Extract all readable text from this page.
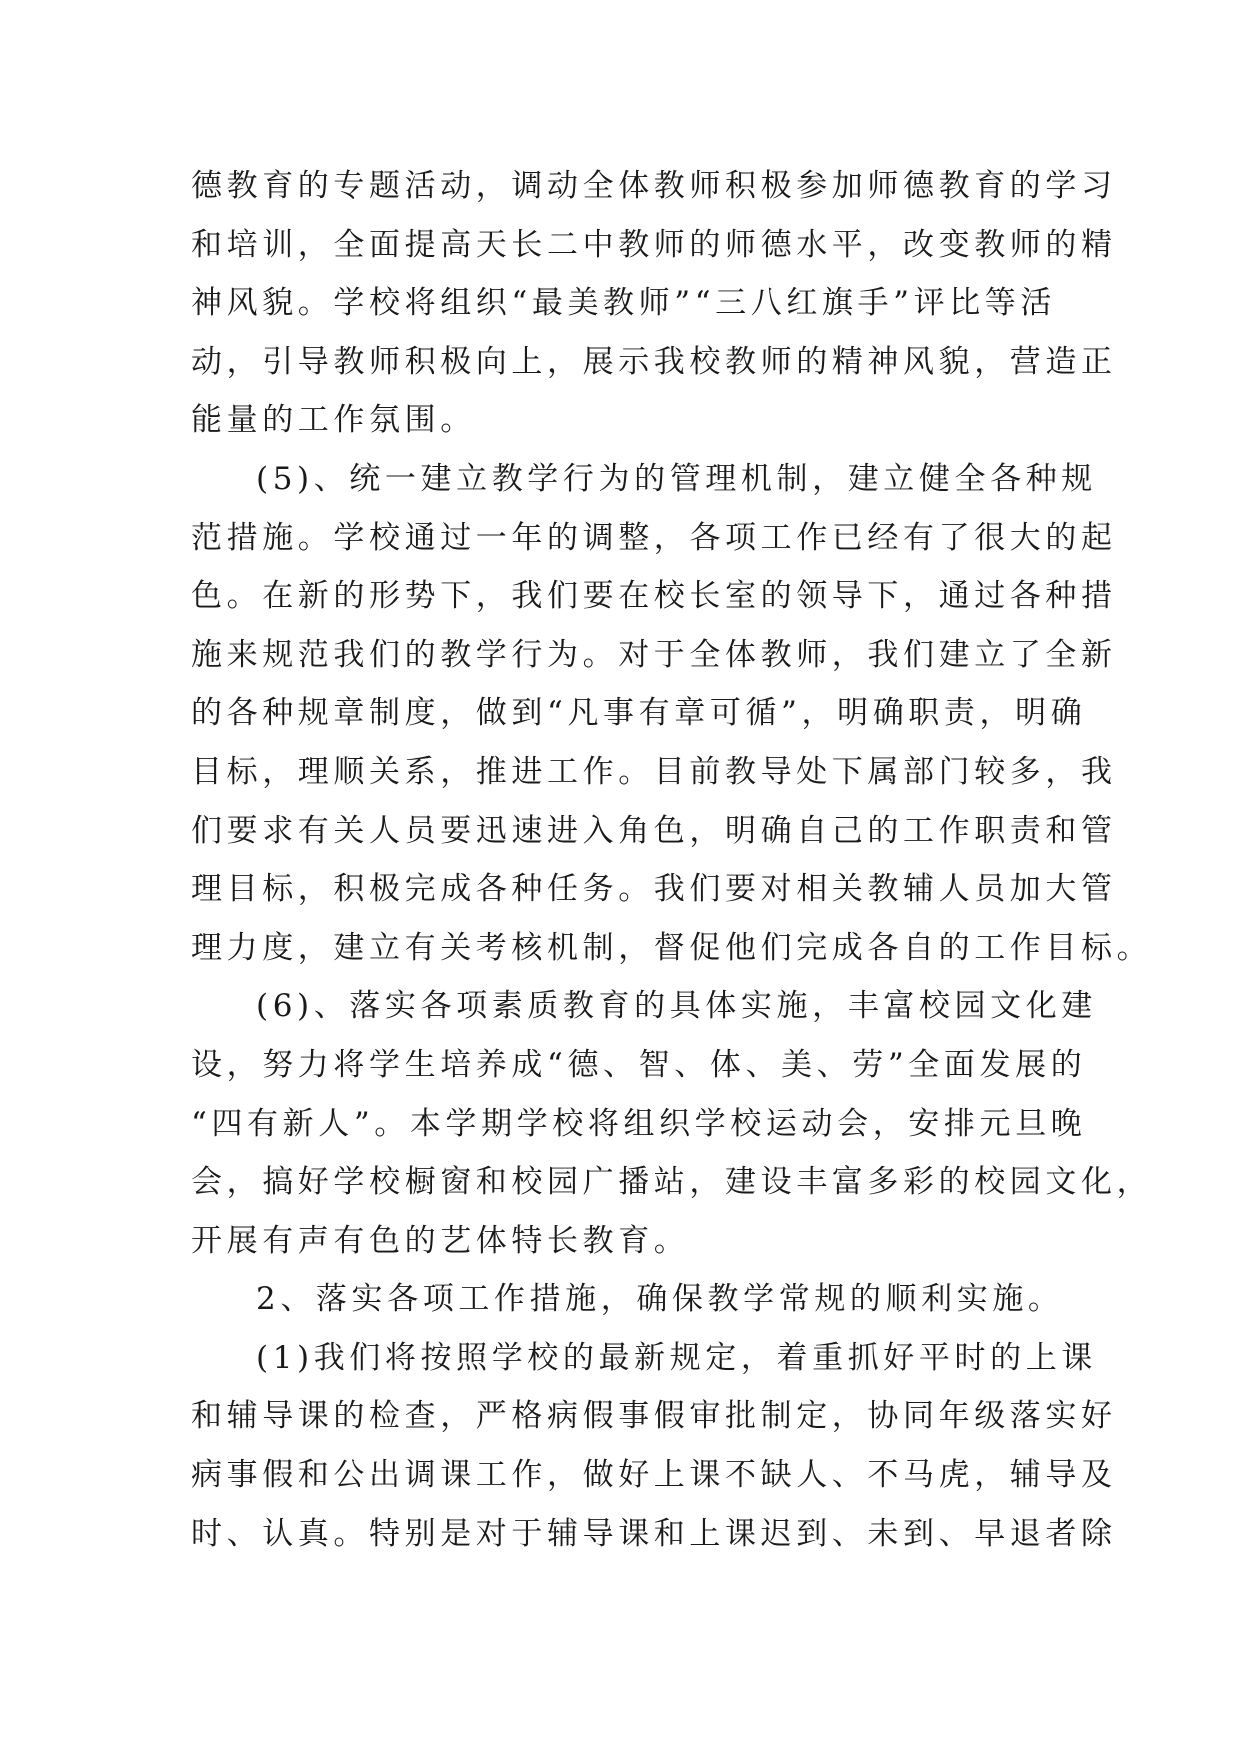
德教育的专题活动，调动全体教师积极参加师德教育的学习
和培训，全面提高天长二中教师的师德水平，改变教师的精
神风貌。学校将组织“最美教师”“三八红旗手”评比等活
动，引导教师积极向上，展示我校教师的精神风貌，营造正
能量的工作氛围。
(5)、统一建立教学行为的管理机制，建立健全各种规
范措施。学校通过一年的调整，各项工作已经有了很大的起
色。在新的形势下，我们要在校长室的领导下，通过各种措
施来规范我们的教学行为。对于全体教师，我们建立了全新
的各种规章制度，做到“凡事有章可循”，明确职责，明确
目标，理顺关系，推进工作。目前教导处下属部门较多，我
们要求有关人员要迅速进入角色，明确自己的工作职责和管
理目标，积极完成各种任务。我们要对相关教辅人员加大管
理力度，建立有关考核机制，督促他们完成各自的工作目标。
(6)、落实各项素质教育的具体实施，丰富校园文化建
设，努力将学生培养成“德、智、体、美、劳”全面发展的
“四有新人”。本学期学校将组织学校运动会，安排元旦晚
会，搞好学校橱窗和校园广播站，建设丰富多彩的校园文化，
开展有声有色的艺体特长教育。
2、落实各项工作措施，确保教学常规的顺利实施。
(1)我们将按照学校的最新规定，着重抓好平时的上课
和辅导课的检查，严格病假事假审批制定，协同年级落实好
病事假和公出调课工作，做好上课不缺人、不马虎，辅导及
时、认真。特别是对于辅导课和上课迟到、未到、早退者除
